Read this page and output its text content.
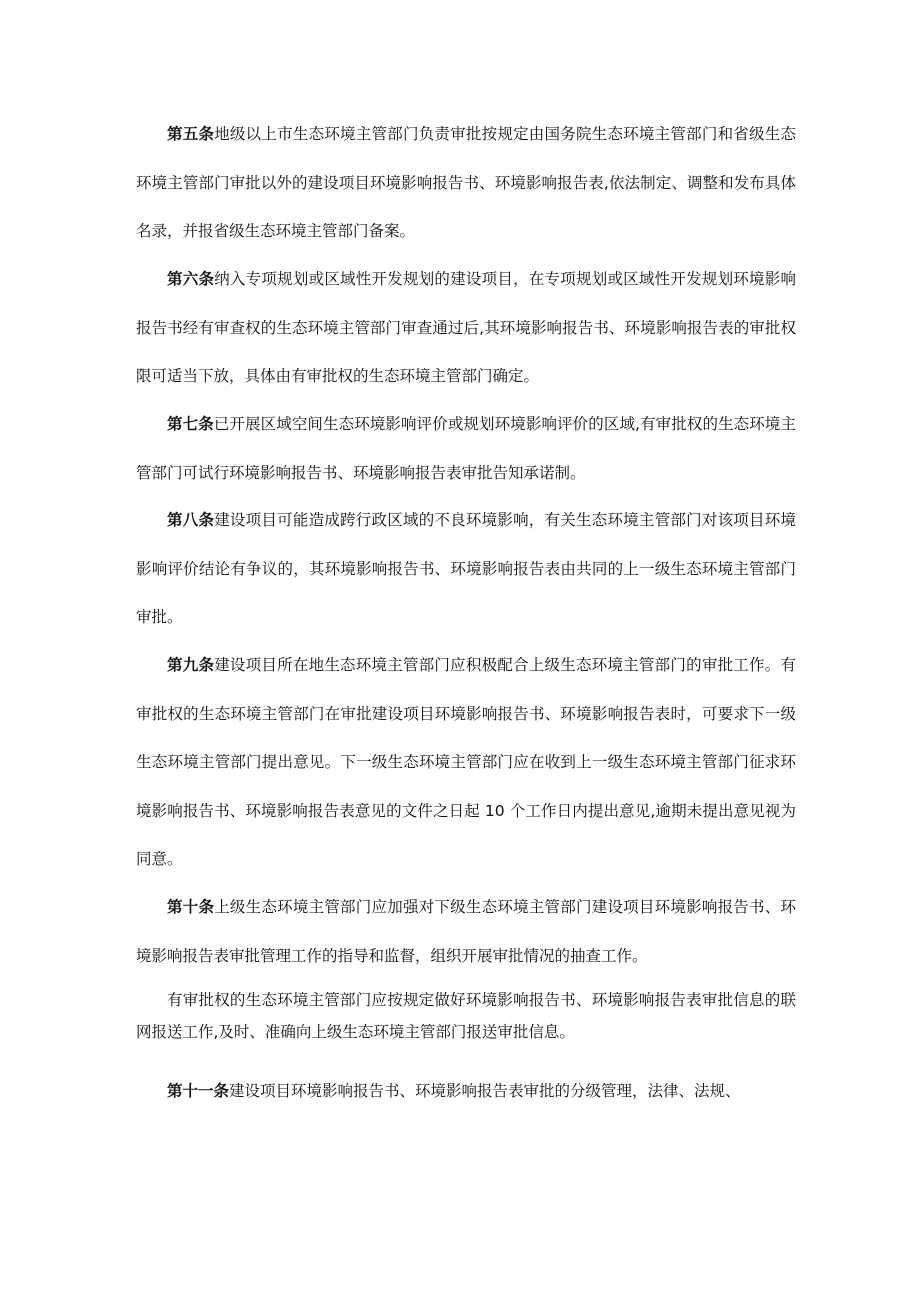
第五条地级以上市生态环境主管部门负责审批按规定由国务院生态环境主管部门和省级生态环境主管部门审批以外的建设项目环境影响报告书、环境影响报告表,依法制定、调整和发布具体名录，并报省级生态环境主管部门备案。

第六条纳入专项规划或区域性开发规划的建设项目，在专项规划或区域性开发规划环境影响报告书经有审查权的生态环境主管部门审查通过后,其环境影响报告书、环境影响报告表的审批权限可适当下放，具体由有审批权的生态环境主管部门确定。

第七条已开展区域空间生态环境影响评价或规划环境影响评价的区域,有审批权的生态环境主管部门可试行环境影响报告书、环境影响报告表审批告知承诺制。

第八条建设项目可能造成跨行政区域的不良环境影响，有关生态环境主管部门对该项目环境影响评价结论有争议的，其环境影响报告书、环境影响报告表由共同的上一级生态环境主管部门审批。

第九条建设项目所在地生态环境主管部门应积极配合上级生态环境主管部门的审批工作。有审批权的生态环境主管部门在审批建设项目环境影响报告书、环境影响报告表时，可要求下一级生态环境主管部门提出意见。下一级生态环境主管部门应在收到上一级生态环境主管部门征求环境影响报告书、环境影响报告表意见的文件之日起 10 个工作日内提出意见,逾期未提出意见视为同意。

第十条上级生态环境主管部门应加强对下级生态环境主管部门建设项目环境影响报告书、环境影响报告表审批管理工作的指导和监督，组织开展审批情况的抽查工作。

有审批权的生态环境主管部门应按规定做好环境影响报告书、环境影响报告表审批信息的联网报送工作,及时、准确向上级生态环境主管部门报送审批信息。

第十一条建设项目环境影响报告书、环境影响报告表审批的分级管理，法律、法规、
